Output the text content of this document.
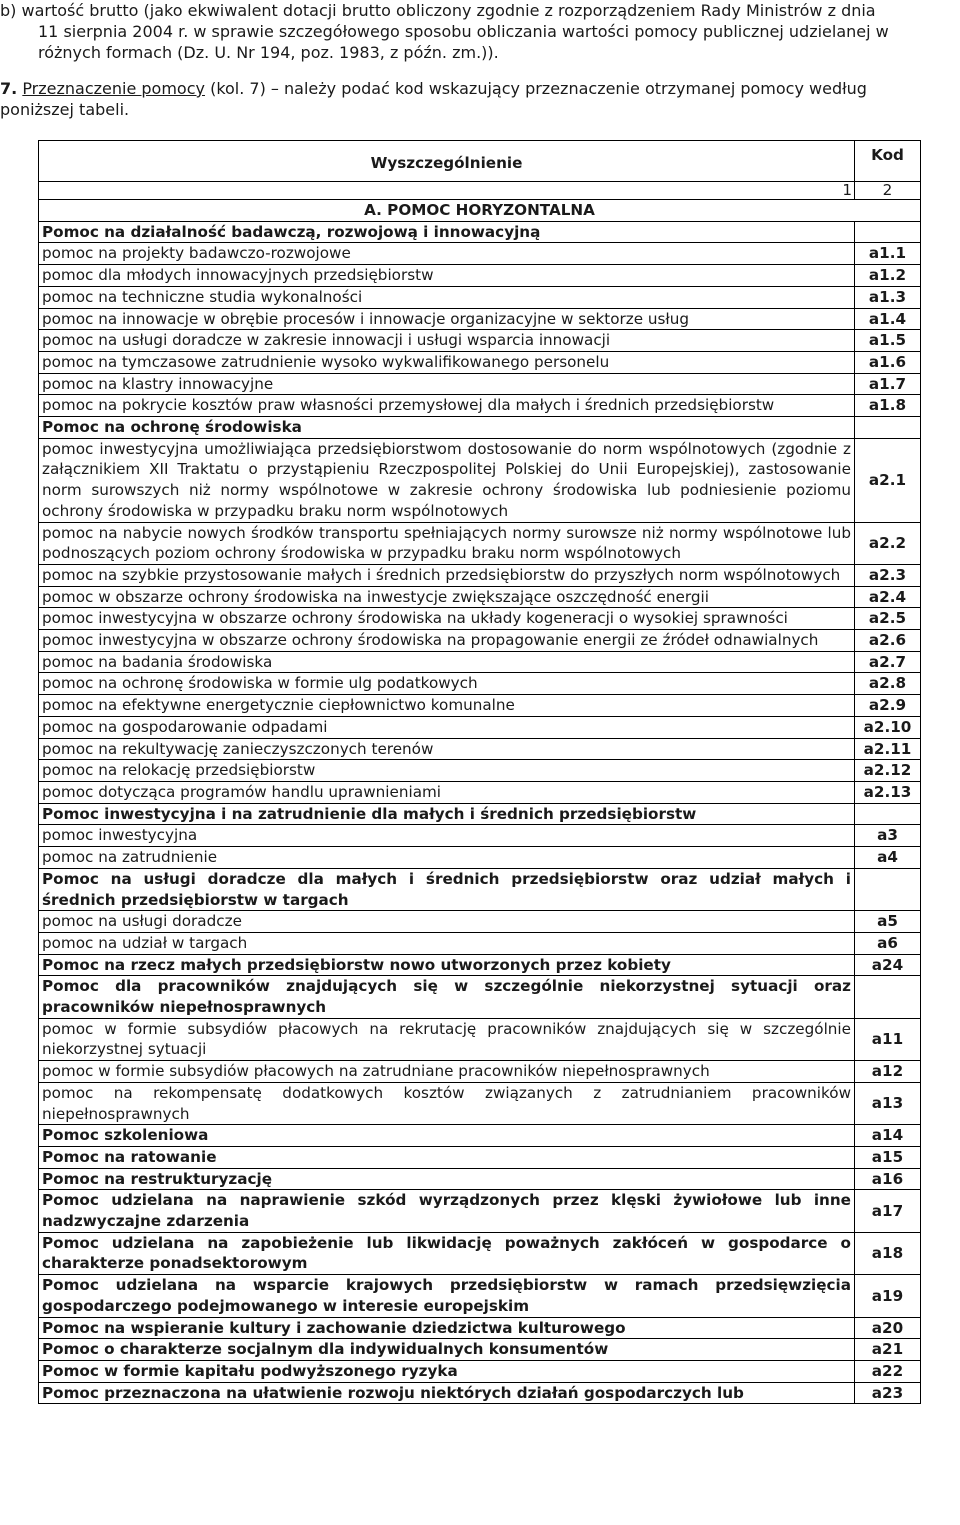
b) wartość brutto (jako ekwiwalent dotacji brutto obliczony zgodnie z rozporządzeniem Rady Ministrów z dnia

11 sierpnia 2004 r. w sprawie szczegółowego sposobu obliczania wartości pomocy publicznej udzielanej w

różnych formach (Dz. U. Nr 194, poz. 1983, z późn. zm.)).

7. Przeznaczenie pomocy (kol. 7) – należy podać kod wskazujący przeznaczenie otrzymanej pomocy według

poniższej tabeli.

Wyszczególnienie	Kod
1	2
A. POMOC HORYZONTALNA	
Pomoc na działalność badawczą, rozwojową i innowacyjną	
pomoc na projekty badawczo-rozwojowe	a1.1
pomoc dla młodych innowacyjnych przedsiębiorstw	a1.2
pomoc na techniczne studia wykonalności	a1.3
pomoc na innowacje w obrębie procesów i innowacje organizacyjne w sektorze usług	a1.4
pomoc na usługi doradcze w zakresie innowacji i usługi wsparcia innowacji	a1.5
pomoc na tymczasowe zatrudnienie wysoko wykwalifikowanego personelu	a1.6
pomoc na klastry innowacyjne	a1.7
pomoc na pokrycie kosztów praw własności przemysłowej dla małych i średnich przedsiębiorstw	a1.8
Pomoc na ochronę środowiska	
pomoc inwestycyjna umożliwiająca przedsiębiorstwom dostosowanie do norm wspólnotowych (zgodnie z załącznikiem XII Traktatu o przystąpieniu Rzeczpospolitej Polskiej do Unii Europejskiej), zastosowanie norm surowszych niż normy wspólnotowe w zakresie ochrony środowiska lub podniesienie poziomu ochrony środowiska w przypadku braku norm wspólnotowych	a2.1
pomoc na nabycie nowych środków transportu spełniających normy surowsze niż normy wspólnotowe lub podnoszących poziom ochrony środowiska w przypadku braku norm wspólnotowych	a2.2
pomoc na szybkie przystosowanie małych i średnich przedsiębiorstw do przyszłych norm wspólnotowych	a2.3
pomoc w obszarze ochrony środowiska na inwestycje zwiększające oszczędność energii	a2.4
pomoc inwestycyjna w obszarze ochrony środowiska na układy kogeneracji o wysokiej sprawności	a2.5
pomoc inwestycyjna w obszarze ochrony środowiska na propagowanie energii ze źródeł odnawialnych	a2.6
pomoc na badania środowiska	a2.7
pomoc na ochronę środowiska w formie ulg podatkowych	a2.8
pomoc na efektywne energetycznie ciepłownictwo komunalne	a2.9
pomoc na gospodarowanie odpadami	a2.10
pomoc na rekultywację zanieczyszczonych terenów	a2.11
pomoc na relokację przedsiębiorstw	a2.12
pomoc dotycząca programów handlu uprawnieniami	a2.13
Pomoc inwestycyjna i na zatrudnienie dla małych i średnich przedsiębiorstw	
pomoc inwestycyjna	a3
pomoc na zatrudnienie	a4
Pomoc na usługi doradcze dla małych i średnich przedsiębiorstw oraz udział małych i średnich przedsiębiorstw w targach	
pomoc na usługi doradcze	a5
pomoc na udział w targach	a6
Pomoc na rzecz małych przedsiębiorstw nowo utworzonych przez kobiety	a24
Pomoc dla pracowników znajdujących się w szczególnie niekorzystnej sytuacji oraz pracowników niepełnosprawnych	
pomoc w formie subsydiów płacowych na rekrutację pracowników znajdujących się w szczególnie niekorzystnej sytuacji	a11
pomoc w formie subsydiów płacowych na zatrudniane pracowników niepełnosprawnych	a12
pomoc na rekompensatę dodatkowych kosztów związanych z zatrudnianiem pracowników niepełnosprawnych	a13
Pomoc szkoleniowa	a14
Pomoc na ratowanie	a15
Pomoc na restrukturyzację	a16
Pomoc udzielana na naprawienie szkód wyrządzonych przez klęski żywiołowe lub inne nadzwyczajne zdarzenia	a17
Pomoc udzielana na zapobieżenie lub likwidację poważnych zakłóceń w gospodarce o charakterze ponadsektorowym	a18
Pomoc udzielana na wsparcie krajowych przedsiębiorstw w ramach przedsięwzięcia gospodarczego podejmowanego w interesie europejskim	a19
Pomoc na wspieranie kultury i zachowanie dziedzictwa kulturowego	a20
Pomoc o charakterze socjalnym dla indywidualnych konsumentów	a21
Pomoc w formie kapitału podwyższonego ryzyka	a22
Pomoc przeznaczona na ułatwienie rozwoju niektórych działań gospodarczych lub	a23
